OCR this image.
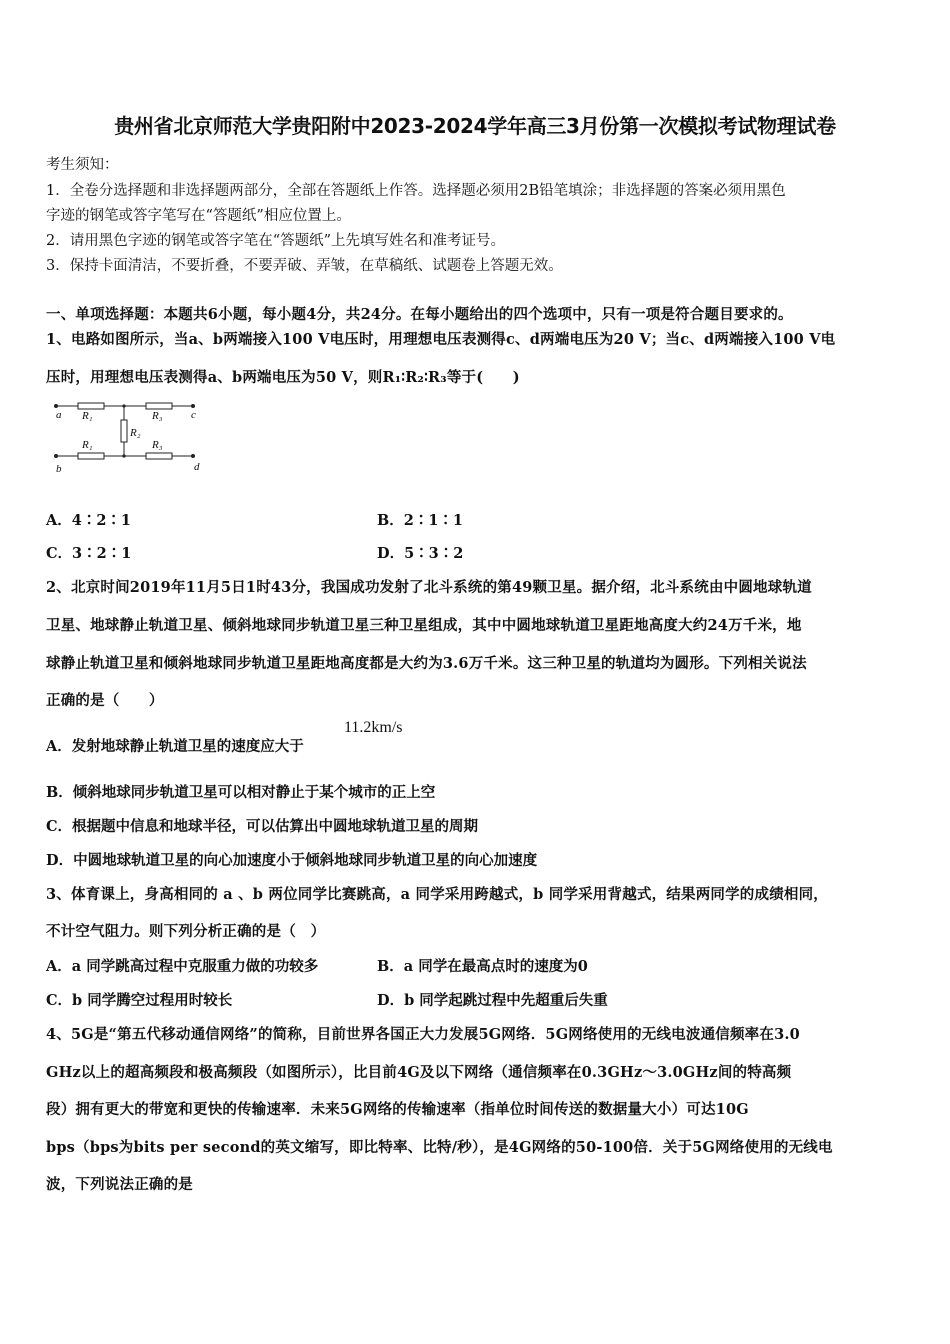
贵州省北京师范大学贵阳附中2023-2024学年高三3月份第一次模拟考试物理试卷
考生须知：
1．全卷分选择题和非选择题两部分，全部在答题纸上作答。选择题必须用2B铅笔填涂；非选择题的答案必须用黑色
字迹的钢笔或答字笔写在“答题纸”相应位置上。
2．请用黑色字迹的钢笔或答字笔在“答题纸”上先填写姓名和准考证号。
3．保持卡面清洁，不要折叠，不要弄破、弄皱，在草稿纸、试题卷上答题无效。
一、单项选择题：本题共6小题，每小题4分，共24分。在每小题给出的四个选项中，只有一项是符合题目要求的。
1、电路如图所示，当a、b两端接入100 V电压时，用理想电压表测得c、d两端电压为20 V；当c、d两端接入100 V电
压时，用理想电压表测得a、b两端电压为50 V，则R₁∶R₂∶R₃等于(　　)
a
b
c
d
R₁	R₃
R₂
R₁	R₃
A．4∶2∶1	B．2∶1∶1
C．3∶2∶1	D．5∶3∶2
2、北京时间2019年11月5日1时43分，我国成功发射了北斗系统的第49颗卫星。据介绍，北斗系统由中圆地球轨道
卫星、地球静止轨道卫星、倾斜地球同步轨道卫星三种卫星组成，其中中圆地球轨道卫星距地高度大约24万千米，地
球静止轨道卫星和倾斜地球同步轨道卫星距地高度都是大约为3.6万千米。这三种卫星的轨道均为圆形。下列相关说法
正确的是（　　）
A．发射地球静止轨道卫星的速度应大于
11.2km/s
B．倾斜地球同步轨道卫星可以相对静止于某个城市的正上空
C．根据题中信息和地球半径，可以估算出中圆地球轨道卫星的周期
D．中圆地球轨道卫星的向心加速度小于倾斜地球同步轨道卫星的向心加速度
3、体育课上，身高相同的 a 、b 两位同学比赛跳高，a 同学采用跨越式，b 同学采用背越式，结果两同学的成绩相同，
不计空气阻力。则下列分析正确的是（　）
A．a 同学跳高过程中克服重力做的功较多	B．a 同学在最高点时的速度为0
C．b 同学腾空过程用时较长	D．b 同学起跳过程中先超重后失重
4、5G是“第五代移动通信网络”的简称，目前世界各国正大力发展5G网络．5G网络使用的无线电波通信频率在3.0
GHz以上的超高频段和极高频段（如图所示），比目前4G及以下网络（通信频率在0.3GHz～3.0GHz间的特高频
段）拥有更大的带宽和更快的传输速率．未来5G网络的传输速率（指单位时间传送的数据量大小）可达10G
bps（bps为bits per second的英文缩写，即比特率、比特/秒），是4G网络的50-100倍．关于5G网络使用的无线电
波，下列说法正确的是
